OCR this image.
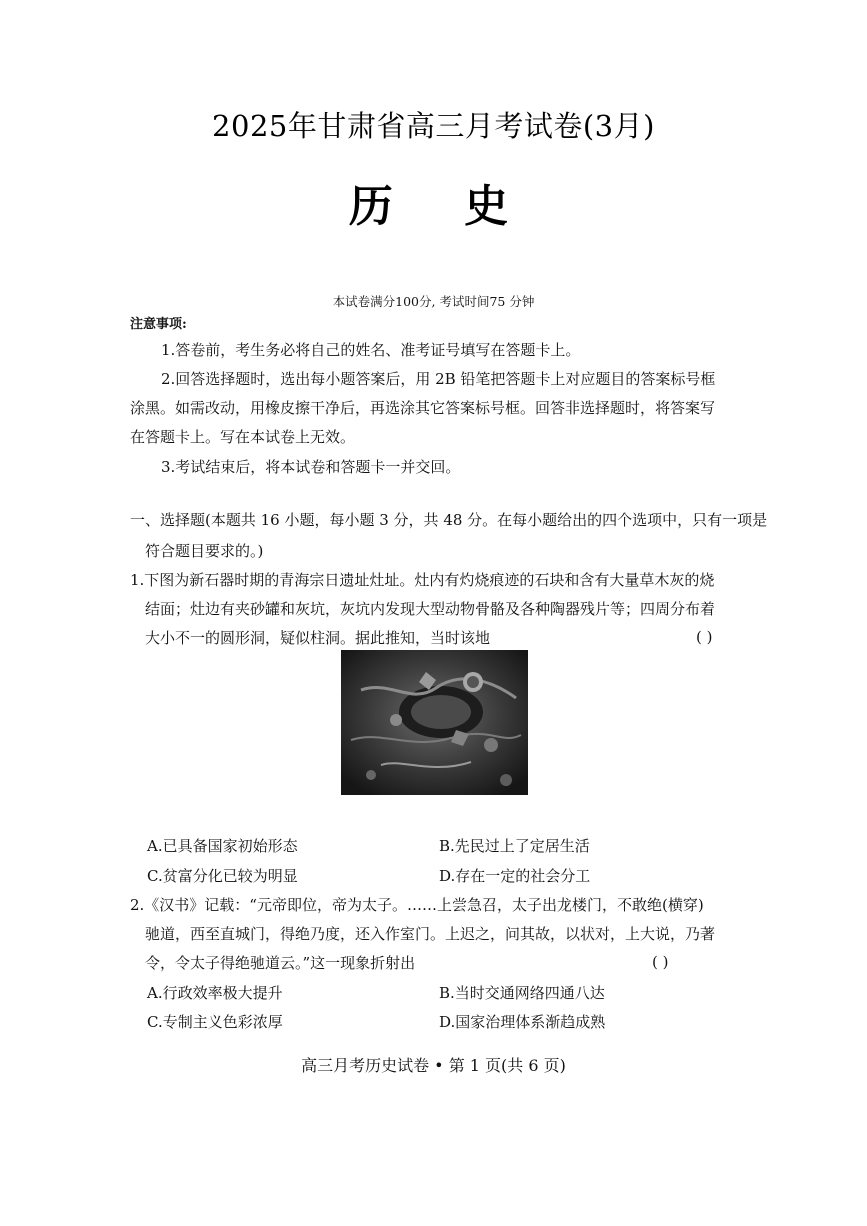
2025年甘肃省高三月考试卷(3月)
历 史
本试卷满分100分, 考试时间75 分钟
注意事项:
1.答卷前，考生务必将自己的姓名、准考证号填写在答题卡上。
2.回答选择题时，选出每小题答案后，用 2B 铅笔把答题卡上对应题目的答案标号框
涂黑。如需改动，用橡皮擦干净后，再选涂其它答案标号框。回答非选择题时，将答案写
在答题卡上。写在本试卷上无效。
3.考试结束后，将本试卷和答题卡一并交回。
一、选择题(本题共 16 小题，每小题 3 分，共 48 分。在每小题给出的四个选项中，只有一项是
符合题目要求的。)
1.下图为新石器时期的青海宗日遗址灶址。灶内有灼烧痕迹的石块和含有大量草木灰的烧
结面；灶边有夹砂罐和灰坑，灰坑内发现大型动物骨骼及各种陶器残片等；四周分布着
大小不一的圆形洞，疑似柱洞。据此推知，当时该地	( )
A.已具备国家初始形态	B.先民过上了定居生活
C.贫富分化已较为明显	D.存在一定的社会分工
2.《汉书》记载：“元帝即位，帝为太子。……上尝急召，太子出龙楼门，不敢绝(横穿)
驰道，西至直城门，得绝乃度，还入作室门。上迟之，问其故，以状对，上大说，乃著
令，令太子得绝驰道云。”这一现象折射出	( )
A.行政效率极大提升	B.当时交通网络四通八达
C.专制主义色彩浓厚	D.国家治理体系渐趋成熟
高三月考历史试卷 • 第 1 页(共 6 页)
